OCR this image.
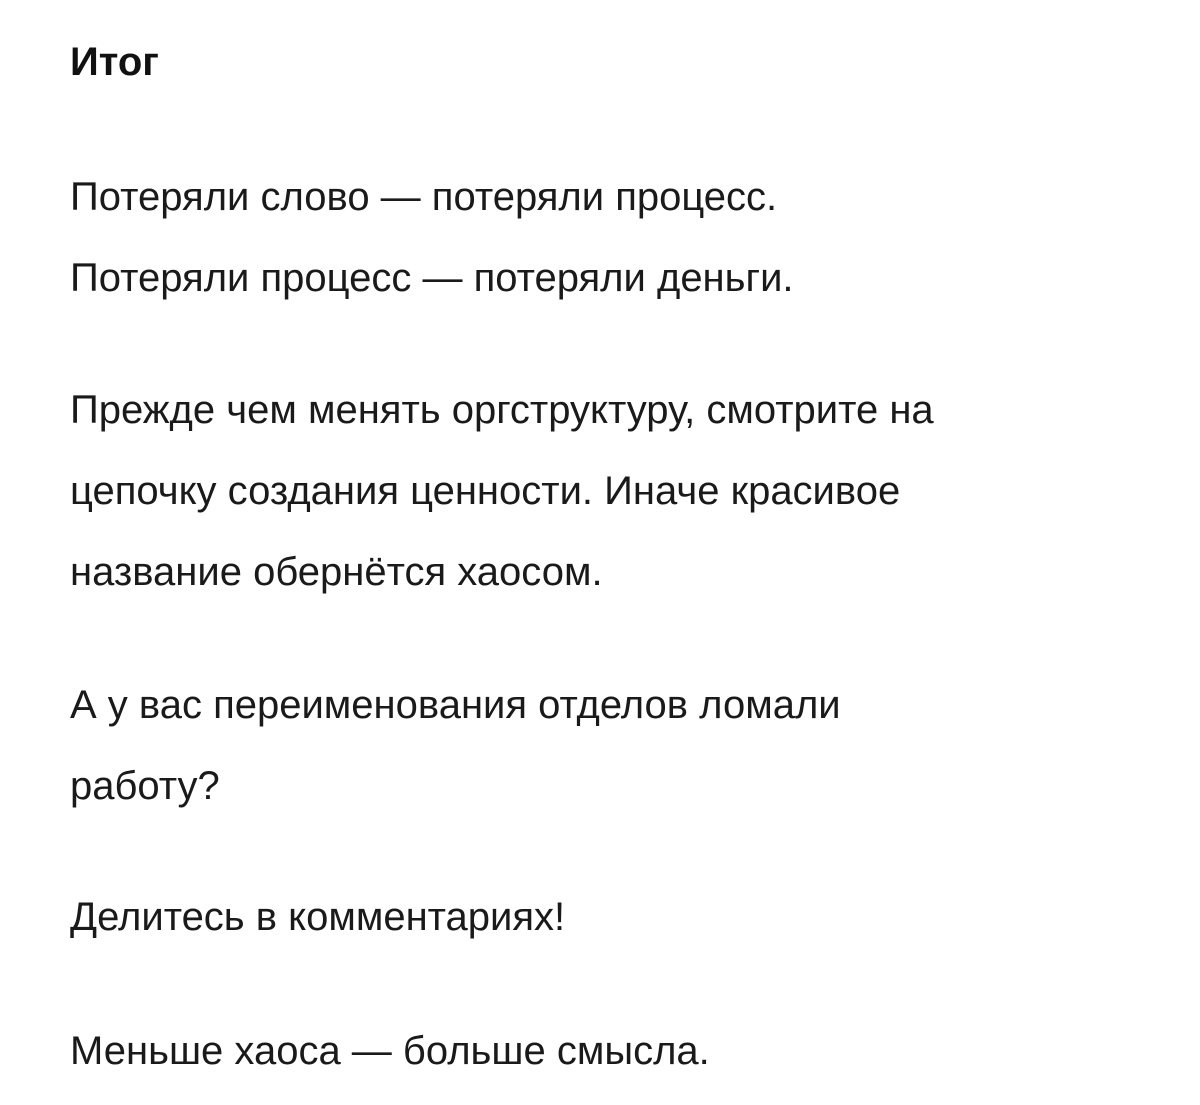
Итог

Потеряли слово — потеряли процесс.
Потеряли процесс — потеряли деньги.

Прежде чем менять оргструктуру, смотрите на
цепочку создания ценности. Иначе красивое
название обернётся хаосом.

А у вас переименования отделов ломали
работу?

Делитесь в комментариях!

Меньше хаоса — больше смысла.
